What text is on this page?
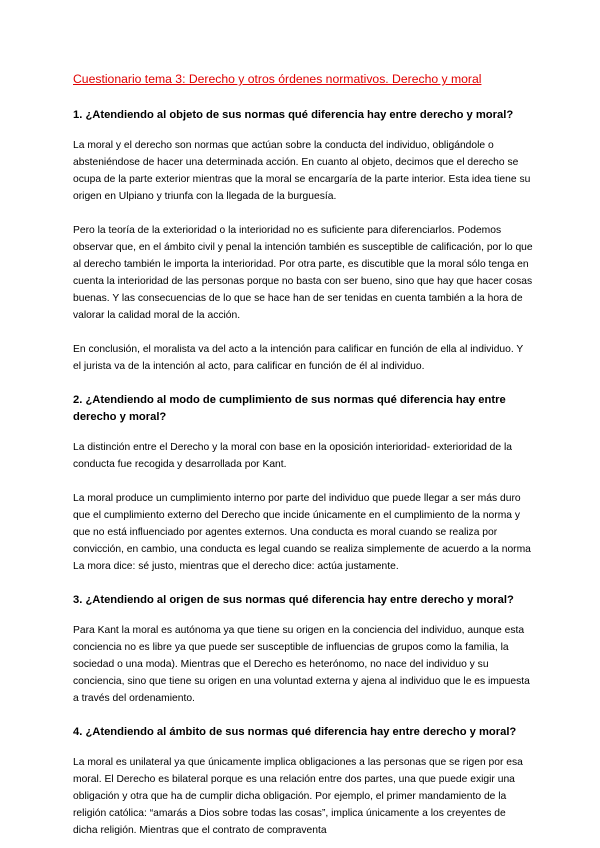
Cuestionario tema 3: Derecho y otros órdenes normativos. Derecho y moral
1. ¿Atendiendo al objeto de sus normas qué diferencia hay entre derecho y moral?
La moral y el derecho son normas que actúan sobre la conducta del individuo, obligándole o absteniéndose de hacer una determinada acción. En cuanto al objeto, decimos que el derecho se ocupa de la parte exterior mientras que la moral se encargaría de la parte interior. Esta idea tiene su origen en Ulpiano y triunfa con la llegada de la burguesía.
Pero la teoría de la exterioridad o la interioridad no es suficiente para diferenciarlos. Podemos observar que, en el ámbito civil y penal la intención también es susceptible de calificación, por lo que al derecho también le importa la interioridad. Por otra parte, es discutible que la moral sólo tenga en cuenta la interioridad de las personas porque no basta con ser bueno, sino que hay que hacer cosas buenas. Y las consecuencias de lo que se hace han de ser tenidas en cuenta también a la hora de valorar la calidad moral de la acción.
En conclusión, el moralista va del acto a la intención para calificar en función de ella al individuo. Y el jurista va de la intención al acto, para calificar en función de él al individuo.
2. ¿Atendiendo al modo de cumplimiento de sus normas qué diferencia hay entre derecho y moral?
La distinción entre el Derecho y la moral con base en la oposición interioridad- exterioridad de la conducta fue recogida y desarrollada por Kant.
La moral produce un cumplimiento interno por parte del individuo que puede llegar a ser más duro que el cumplimiento externo del Derecho que incide únicamente en el cumplimiento de la norma y que no está influenciado por agentes externos. Una conducta es moral cuando se realiza por convicción, en cambio, una conducta es legal cuando se realiza simplemente de acuerdo a la norma La mora dice: sé justo, mientras que el derecho dice: actúa justamente.
3. ¿Atendiendo al origen de sus normas qué diferencia hay entre derecho y moral?
Para Kant la moral es autónoma ya que tiene su origen en la conciencia del individuo, aunque esta conciencia no es libre ya que puede ser susceptible de influencias de grupos como la familia, la sociedad o una moda). Mientras que el Derecho es heterónomo, no nace del individuo y su conciencia, sino que tiene su origen en una voluntad externa y ajena al individuo que le es impuesta a través del ordenamiento.
4. ¿Atendiendo al ámbito de sus normas qué diferencia hay entre derecho y moral?
La moral es unilateral ya que únicamente implica obligaciones a las personas que se rigen por esa moral. El Derecho es bilateral porque es una relación entre dos partes, una que puede exigir una obligación y otra que ha de cumplir dicha obligación. Por ejemplo, el primer mandamiento de la religión católica: “amarás a Dios sobre todas las cosas”, implica únicamente a los creyentes de dicha religión. Mientras que el contrato de compraventa
